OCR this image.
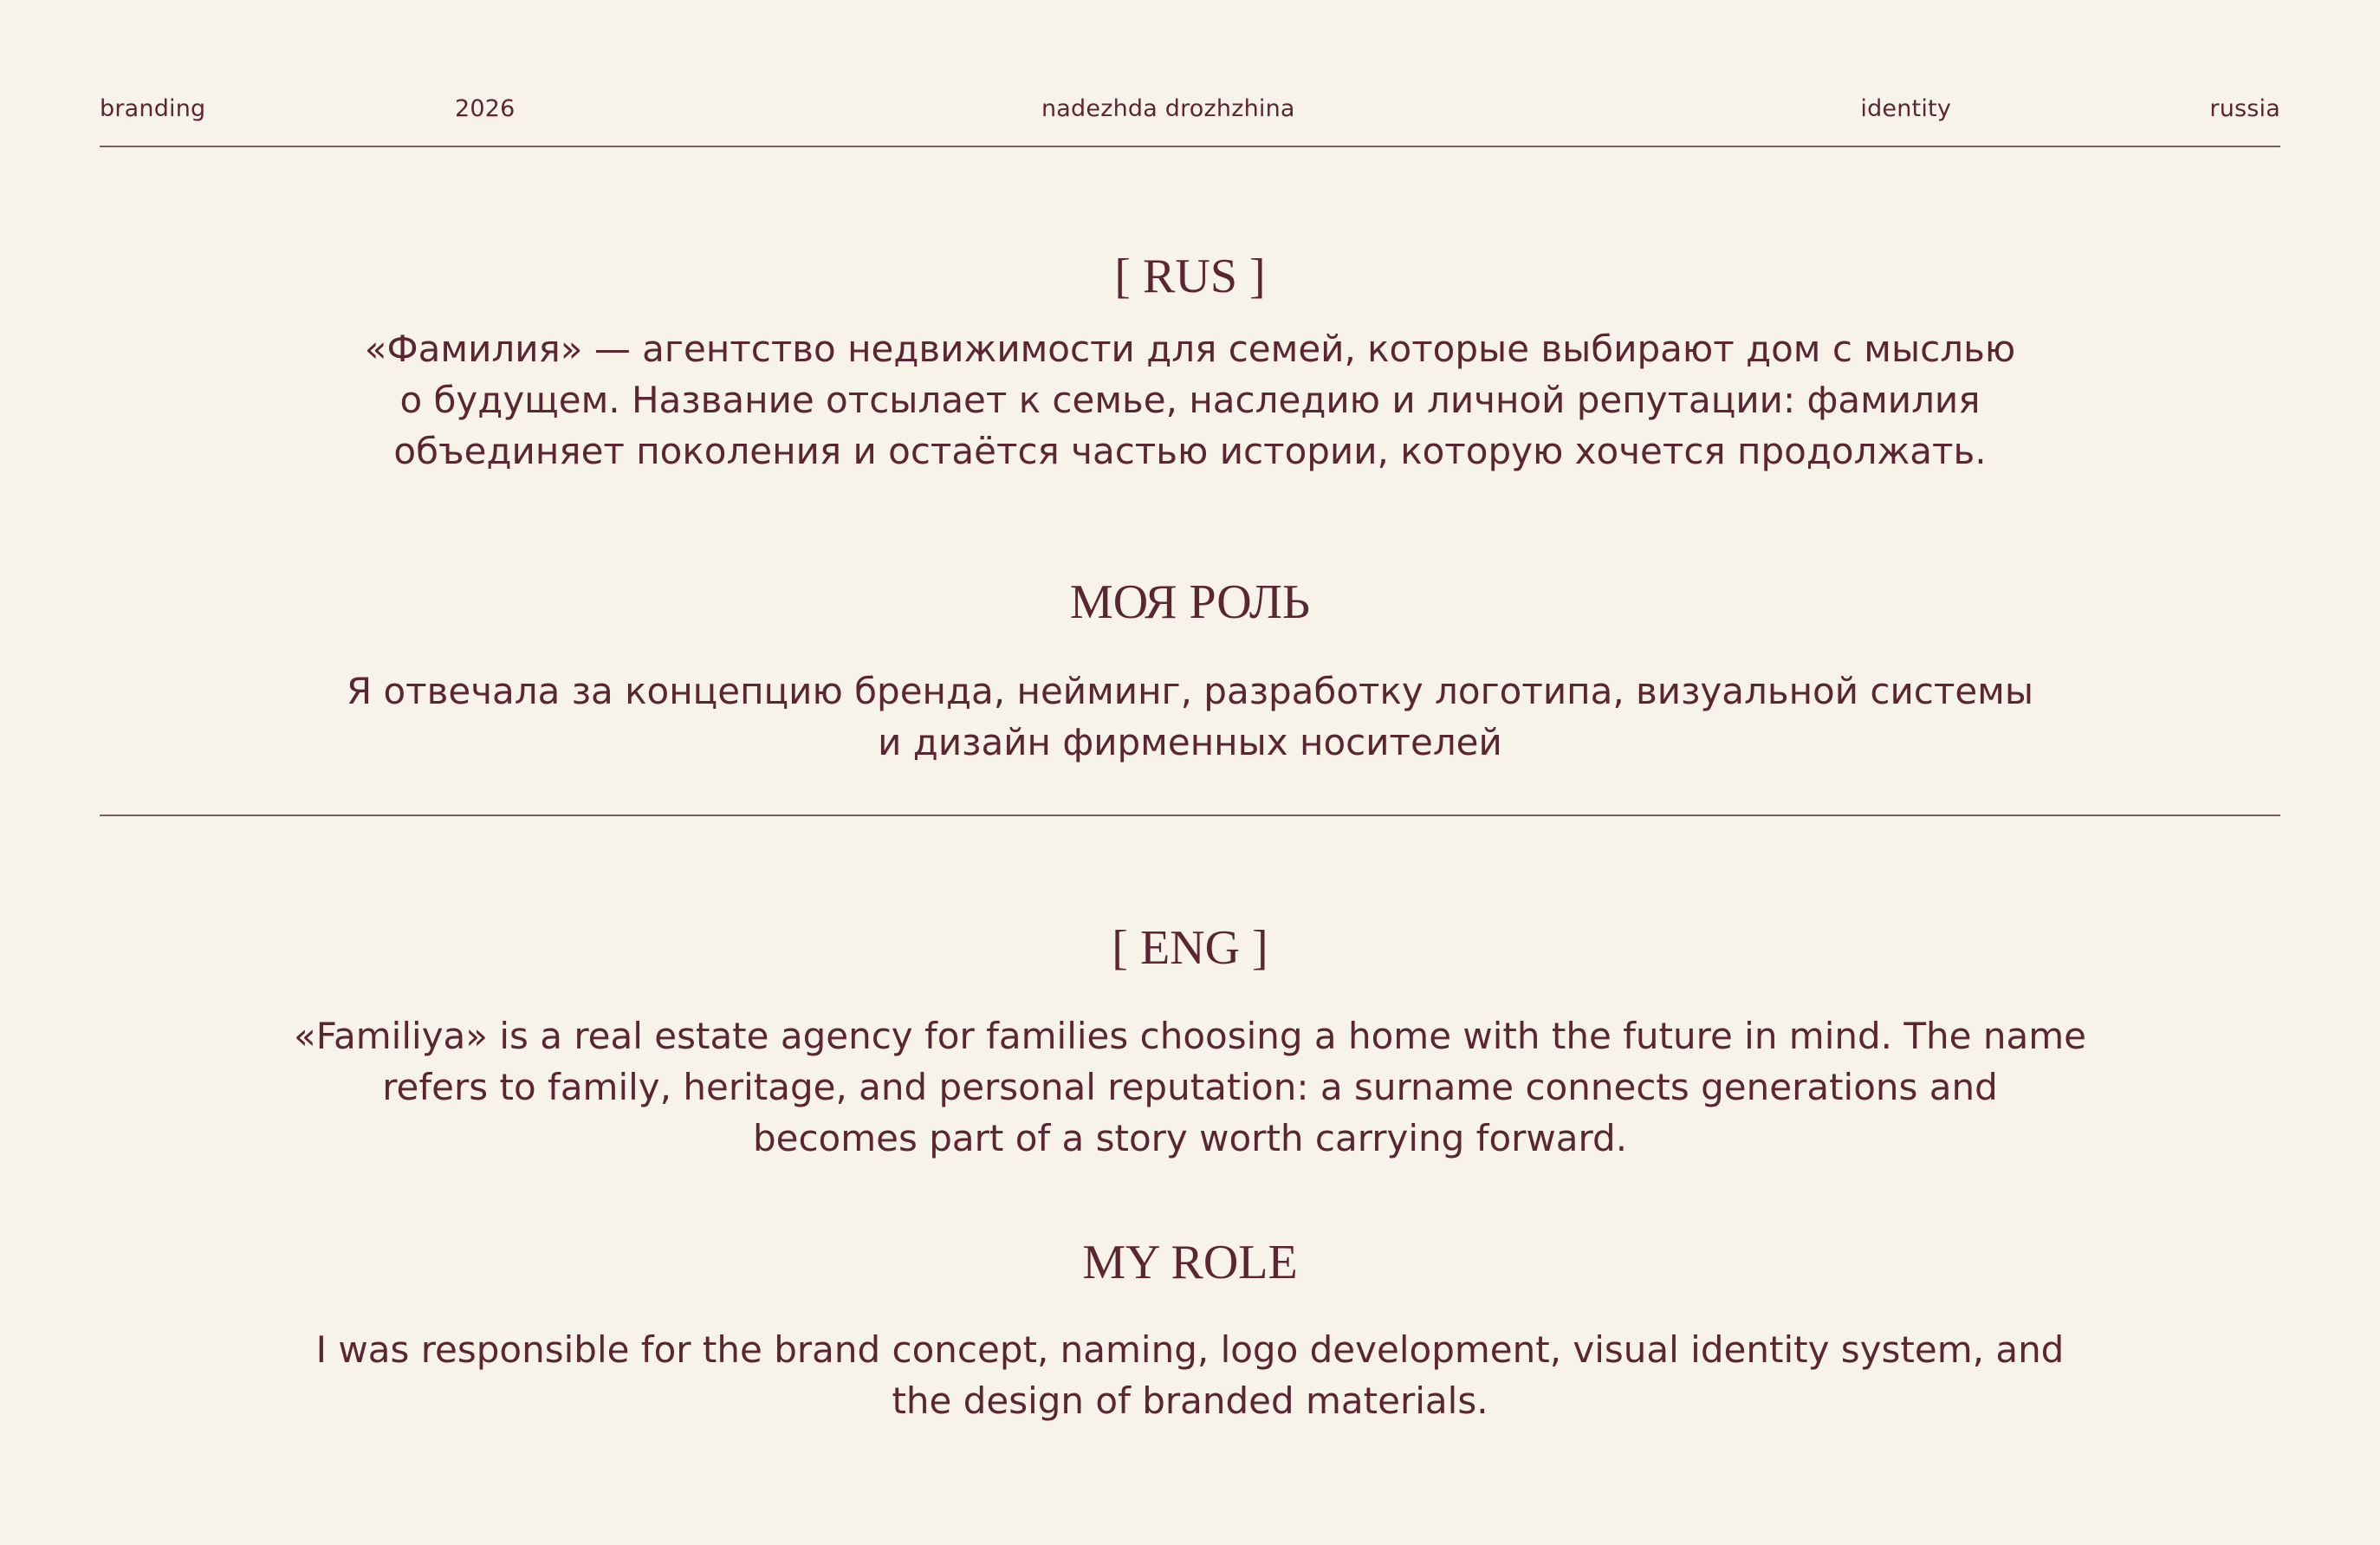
branding	2026	nadezhda drozhzhina	identity	russia
[ RUS ]

«Фамилия» — агентство недвижимости для семей, которые выбирают дом с мыслью
о будущем. Название отсылает к семье, наследию и личной репутации: фамилия
объединяет поколения и остаётся частью истории, которую хочется продолжать.

МОЯ РОЛЬ

Я отвечала за концепцию бренда, нейминг, разработку логотипа, визуальной системы
и дизайн фирменных носителей

[ ENG ]

«Familiya» is a real estate agency for families choosing a home with the future in mind. The name
refers to family, heritage, and personal reputation: a surname connects generations and
becomes part of a story worth carrying forward.

MY ROLE

I was responsible for the brand concept, naming, logo development, visual identity system, and
the design of branded materials.
